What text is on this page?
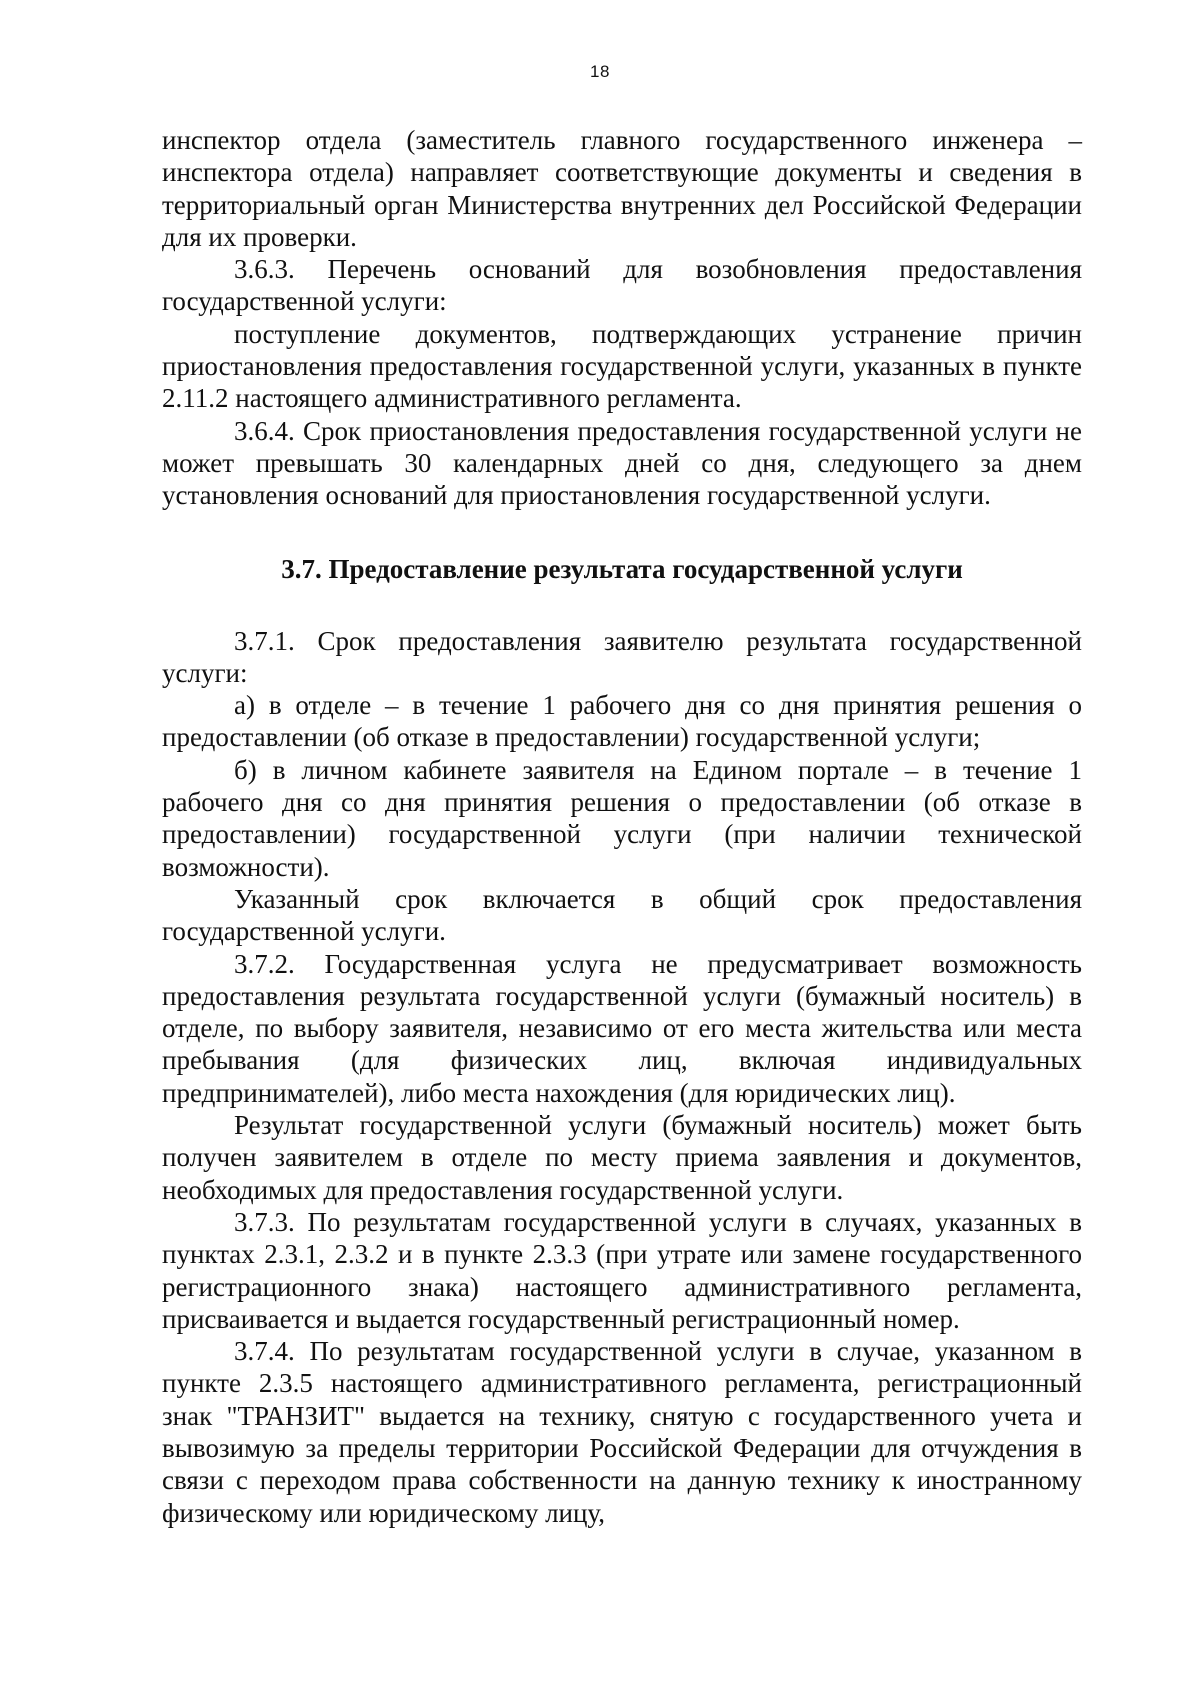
18

инспектор отдела (заместитель главного государственного инженера – инспектора отдела) направляет соответствующие документы и сведения в территориальный орган Министерства внутренних дел Российской Федерации для их проверки.

3.6.3. Перечень оснований для возобновления предоставления государственной услуги:

поступление документов, подтверждающих устранение причин приостановления предоставления государственной услуги, указанных в пункте 2.11.2 настоящего административного регламента.

3.6.4. Срок приостановления предоставления государственной услуги не может превышать 30 календарных дней со дня, следующего за днем установления оснований для приостановления государственной услуги.

3.7. Предоставление результата государственной услуги

3.7.1. Срок предоставления заявителю результата государственной услуги:

а) в отделе – в течение 1 рабочего дня со дня принятия решения о предоставлении (об отказе в предоставлении) государственной услуги;

б) в личном кабинете заявителя на Едином портале – в течение 1 рабочего дня со дня принятия решения о предоставлении (об отказе в предоставлении) государственной услуги (при наличии технической возможности).

Указанный срок включается в общий срок предоставления государственной услуги.

3.7.2. Государственная услуга не предусматривает возможность предоставления результата государственной услуги (бумажный носитель) в отделе, по выбору заявителя, независимо от его места жительства или места пребывания (для физических лиц, включая индивидуальных предпринимателей), либо места нахождения (для юридических лиц).

Результат государственной услуги (бумажный носитель) может быть получен заявителем в отделе по месту приема заявления и документов, необходимых для предоставления государственной услуги.

3.7.3. По результатам государственной услуги в случаях, указанных в пунктах 2.3.1, 2.3.2 и в пункте 2.3.3 (при утрате или замене государственного регистрационного знака) настоящего административного регламента, присваивается и выдается государственный регистрационный номер.

3.7.4. По результатам государственной услуги в случае, указанном в пункте 2.3.5 настоящего административного регламента, регистрационный знак "ТРАНЗИТ" выдается на технику, снятую с государственного учета и вывозимую за пределы территории Российской Федерации для отчуждения в связи с переходом права собственности на данную технику к иностранному физическому или юридическому лицу,
